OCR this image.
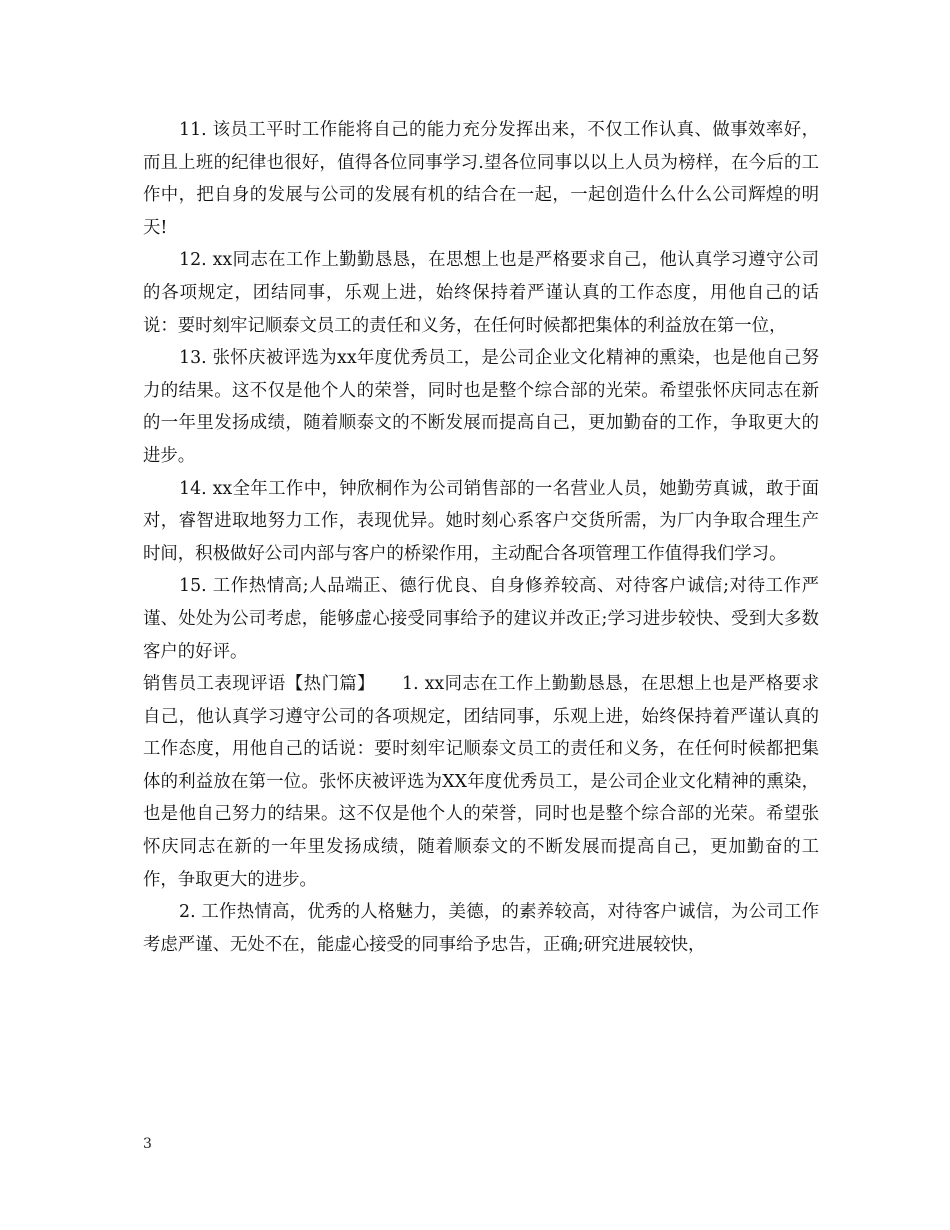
11. 该员工平时工作能将自己的能力充分发挥出来，不仅工作认真、做事效率好，而且上班的纪律也很好，值得各位同事学习.望各位同事以以上人员为榜样，在今后的工作中，把自身的发展与公司的发展有机的结合在一起，一起创造什么什么公司辉煌的明天!

12. xx同志在工作上勤勤恳恳，在思想上也是严格要求自己，他认真学习遵守公司的各项规定，团结同事，乐观上进，始终保持着严谨认真的工作态度，用他自己的话说：要时刻牢记顺泰文员工的责任和义务，在任何时候都把集体的利益放在第一位，

13. 张怀庆被评选为xx年度优秀员工，是公司企业文化精神的熏染，也是他自己努力的结果。这不仅是他个人的荣誉，同时也是整个综合部的光荣。希望张怀庆同志在新的一年里发扬成绩，随着顺泰文的不断发展而提高自己，更加勤奋的工作，争取更大的进步。

14. xx全年工作中，钟欣桐作为公司销售部的一名营业人员，她勤劳真诚，敢于面对，睿智进取地努力工作，表现优异。她时刻心系客户交货所需，为厂内争取合理生产时间，积极做好公司内部与客户的桥梁作用，主动配合各项管理工作值得我们学习。

15. 工作热情高;人品端正、德行优良、自身修养较高、对待客户诚信;对待工作严谨、处处为公司考虑，能够虚心接受同事给予的建议并改正;学习进步较快、受到大多数客户的好评。

销售员工表现评语【热门篇】　　1. xx同志在工作上勤勤恳恳，在思想上也是严格要求自己，他认真学习遵守公司的各项规定，团结同事，乐观上进，始终保持着严谨认真的工作态度，用他自己的话说：要时刻牢记顺泰文员工的责任和义务，在任何时候都把集体的利益放在第一位。张怀庆被评选为XX年度优秀员工，是公司企业文化精神的熏染，也是他自己努力的结果。这不仅是他个人的荣誉，同时也是整个综合部的光荣。希望张怀庆同志在新的一年里发扬成绩，随着顺泰文的不断发展而提高自己，更加勤奋的工作，争取更大的进步。

2. 工作热情高，优秀的人格魅力，美德，的素养较高，对待客户诚信，为公司工作考虑严谨、无处不在，能虚心接受的同事给予忠告，正确;研究进展较快，

3
